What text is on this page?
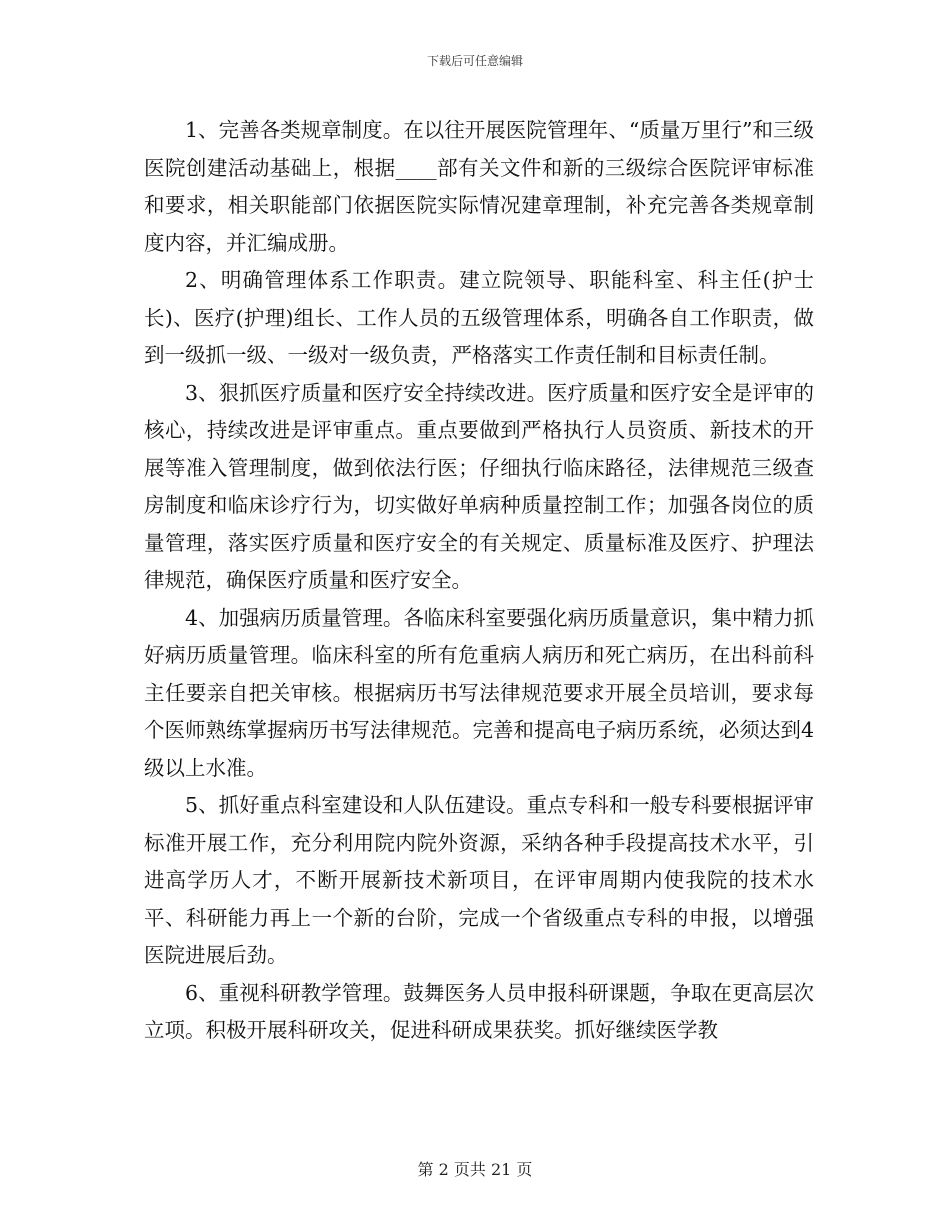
下载后可任意编辑

1、完善各类规章制度。在以往开展医院管理年、“质量万里行”和三级医院创建活动基础上，根据____部有关文件和新的三级综合医院评审标准和要求，相关职能部门依据医院实际情况建章理制，补充完善各类规章制度内容，并汇编成册。

2、明确管理体系工作职责。建立院领导、职能科室、科主任(护士长)、医疗(护理)组长、工作人员的五级管理体系，明确各自工作职责，做到一级抓一级、一级对一级负责，严格落实工作责任制和目标责任制。

3、狠抓医疗质量和医疗安全持续改进。医疗质量和医疗安全是评审的核心，持续改进是评审重点。重点要做到严格执行人员资质、新技术的开展等准入管理制度，做到依法行医；仔细执行临床路径，法律规范三级查房制度和临床诊疗行为，切实做好单病种质量控制工作；加强各岗位的质量管理，落实医疗质量和医疗安全的有关规定、质量标准及医疗、护理法律规范，确保医疗质量和医疗安全。

4、加强病历质量管理。各临床科室要强化病历质量意识，集中精力抓好病历质量管理。临床科室的所有危重病人病历和死亡病历，在出科前科主任要亲自把关审核。根据病历书写法律规范要求开展全员培训，要求每个医师熟练掌握病历书写法律规范。完善和提高电子病历系统，必须达到4级以上水准。

5、抓好重点科室建设和人队伍建设。重点专科和一般专科要根据评审标准开展工作，充分利用院内院外资源，采纳各种手段提高技术水平，引进高学历人才，不断开展新技术新项目，在评审周期内使我院的技术水平、科研能力再上一个新的台阶，完成一个省级重点专科的申报，以增强医院进展后劲。

6、重视科研教学管理。鼓舞医务人员申报科研课题，争取在更高层次立项。积极开展科研攻关，促进科研成果获奖。抓好继续医学教

第 2 页共 21 页
